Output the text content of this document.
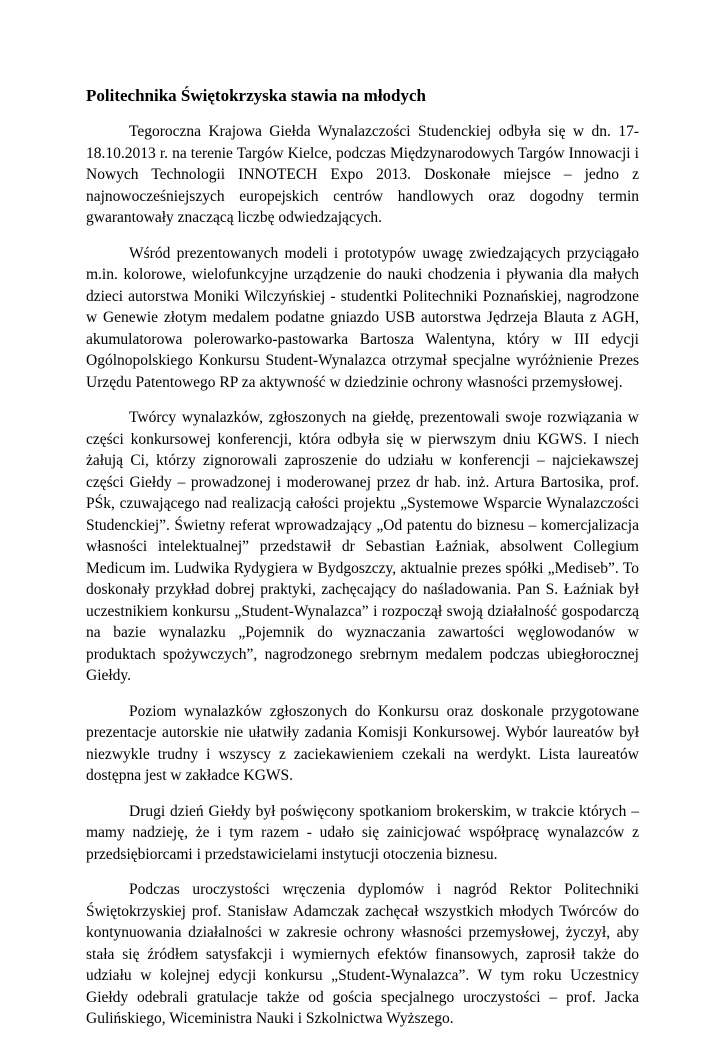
Politechnika Świętokrzyska stawia na młodych

Tegoroczna Krajowa Giełda Wynalazczości Studenckiej odbyła się w dn. 17-18.10.2013 r. na terenie Targów Kielce, podczas Międzynarodowych Targów Innowacji i Nowych Technologii INNOTECH Expo 2013. Doskonałe miejsce – jedno z najnowocześniejszych europejskich centrów handlowych oraz dogodny termin gwarantowały znaczącą liczbę odwiedzających.

Wśród prezentowanych modeli i prototypów uwagę zwiedzających przyciągało m.in. kolorowe, wielofunkcyjne urządzenie do nauki chodzenia i pływania dla małych dzieci autorstwa Moniki Wilczyńskiej - studentki Politechniki Poznańskiej, nagrodzone w Genewie złotym medalem podatne gniazdo USB autorstwa Jędrzeja Blauta z AGH, akumulatorowa polerowarko-pastowarka Bartosza Walentyna, który w III edycji Ogólnopolskiego Konkursu Student-Wynalazca otrzymał specjalne wyróżnienie Prezes Urzędu Patentowego RP za aktywność w dziedzinie ochrony własności przemysłowej.

Twórcy wynalazków, zgłoszonych na giełdę, prezentowali swoje rozwiązania w części konkursowej konferencji, która odbyła się w pierwszym dniu KGWS. I niech żałują Ci, którzy zignorowali zaproszenie do udziału w konferencji – najciekawszej części Giełdy – prowadzonej i moderowanej przez dr hab. inż. Artura Bartosika, prof. PŚk, czuwającego nad realizacją całości projektu „Systemowe Wsparcie Wynalazczości Studenckiej”. Świetny referat wprowadzający „Od patentu do biznesu – komercjalizacja własności intelektualnej” przedstawił dr Sebastian Łaźniak, absolwent Collegium Medicum im. Ludwika Rydygiera w Bydgoszczy, aktualnie prezes spółki „Mediseb”. To doskonały przykład dobrej praktyki, zachęcający do naśladowania. Pan S. Łaźniak był uczestnikiem konkursu „Student-Wynalazca” i rozpoczął swoją działalność gospodarczą na bazie wynalazku „Pojemnik do wyznaczania zawartości węglowodanów w produktach spożywczych”, nagrodzonego srebrnym medalem podczas ubiegłorocznej Giełdy.

Poziom wynalazków zgłoszonych do Konkursu oraz doskonale przygotowane prezentacje autorskie nie ułatwiły zadania Komisji Konkursowej. Wybór laureatów był niezwykle trudny i wszyscy z zaciekawieniem czekali na werdykt. Lista laureatów dostępna jest w zakładce KGWS.

Drugi dzień Giełdy był poświęcony spotkaniom brokerskim, w trakcie których – mamy nadzieję, że i tym razem - udało się zainicjować współpracę wynalazców z przedsiębiorcami i przedstawicielami instytucji otoczenia biznesu.

Podczas uroczystości wręczenia dyplomów i nagród Rektor Politechniki Świętokrzyskiej prof. Stanisław Adamczak zachęcał wszystkich młodych Twórców do kontynuowania działalności w zakresie ochrony własności przemysłowej, życzył, aby stała się źródłem satysfakcji i wymiernych efektów finansowych, zaprosił także do udziału w kolejnej edycji konkursu „Student-Wynalazca”. W tym roku Uczestnicy Giełdy odebrali gratulacje także od gościa specjalnego uroczystości – prof. Jacka Gulińskiego, Wiceministra Nauki i Szkolnictwa Wyższego.
